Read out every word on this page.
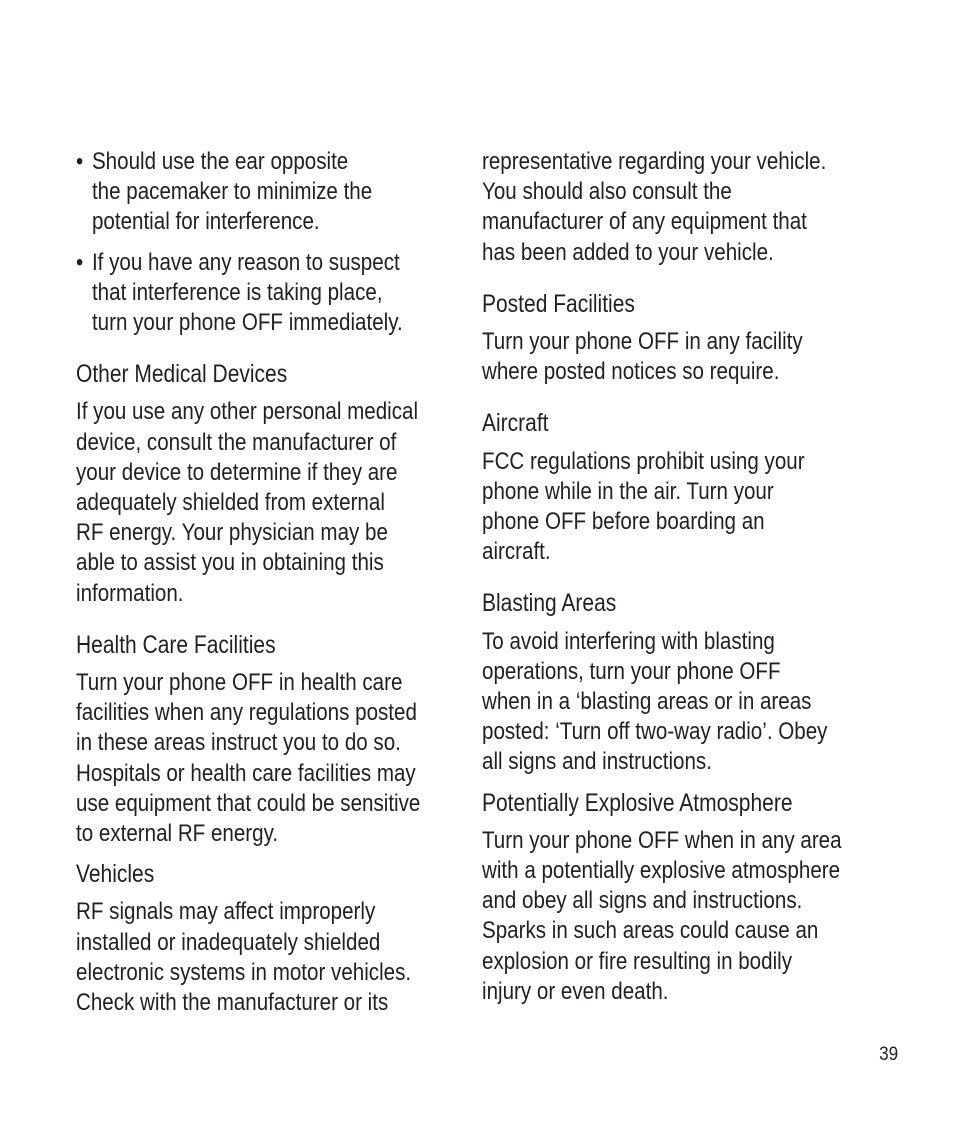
• Should use the ear opposite
the pacemaker to minimize the
potential for interference.
• If you have any reason to suspect
that interference is taking place,
turn your phone OFF immediately.
Other Medical Devices
If you use any other personal medical
device, consult the manufacturer of
your device to determine if they are
adequately shielded from external
RF energy. Your physician may be
able to assist you in obtaining this
information.
Health Care Facilities
Turn your phone OFF in health care
facilities when any regulations posted
in these areas instruct you to do so.
Hospitals or health care facilities may
use equipment that could be sensitive
to external RF energy.
Vehicles
RF signals may affect improperly
installed or inadequately shielded
electronic systems in motor vehicles.
Check with the manufacturer or its
representative regarding your vehicle.
You should also consult the
manufacturer of any equipment that
has been added to your vehicle.
Posted Facilities
Turn your phone OFF in any facility
where posted notices so require.
Aircraft
FCC regulations prohibit using your
phone while in the air. Turn your
phone OFF before boarding an
aircraft.
Blasting Areas
To avoid interfering with blasting
operations, turn your phone OFF
when in a ‘blasting areas or in areas
posted: ‘Turn off two-way radio’. Obey
all signs and instructions.
Potentially Explosive Atmosphere
Turn your phone OFF when in any area
with a potentially explosive atmosphere
and obey all signs and instructions.
Sparks in such areas could cause an
explosion or fire resulting in bodily
injury or even death.
39
